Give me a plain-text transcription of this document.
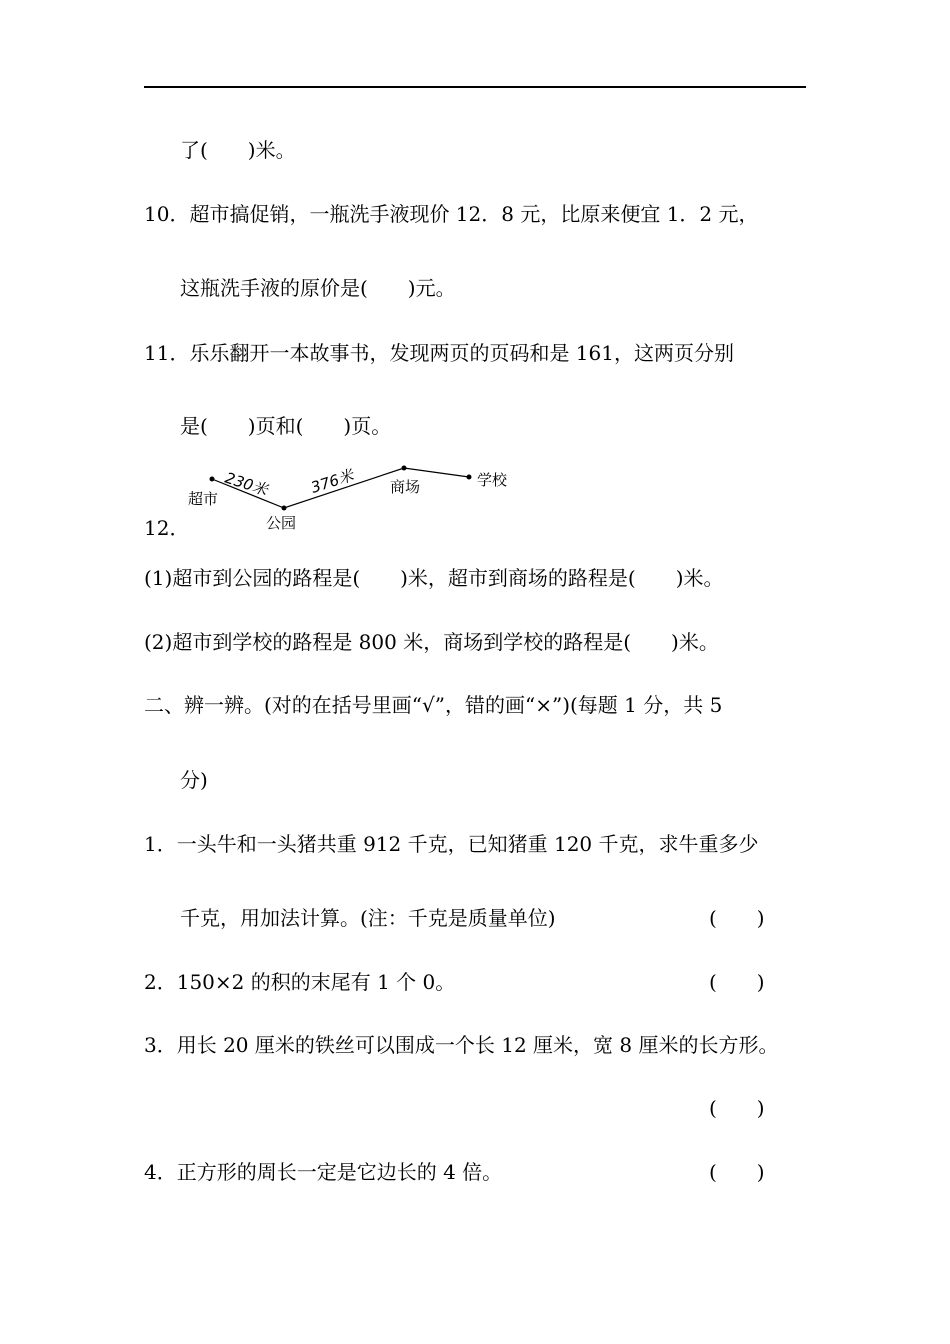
了(　　)米。
10．超市搞促销，一瓶洗手液现价 12．8 元，比原来便宜 1．2 元，
这瓶洗手液的原价是(　　)元。
11．乐乐翻开一本故事书，发现两页的页码和是 161，这两页分别
是(　　)页和(　　)页。
超市
公园
商场	学校
230米	376米
12．
(1)超市到公园的路程是(　　)米，超市到商场的路程是(　　)米。
(2)超市到学校的路程是 800 米，商场到学校的路程是(　　)米。
二、辨一辨。(对的在括号里画“√”，错的画“×”)(每题 1 分，共 5
分)
1．一头牛和一头猪共重 912 千克，已知猪重 120 千克，求牛重多少
千克，用加法计算。(注：千克是质量单位)	(　　)
2．150×2 的积的末尾有 1 个 0。	(　　)
3．用长 20 厘米的铁丝可以围成一个长 12 厘米，宽 8 厘米的长方形。
(　　)
4．正方形的周长一定是它边长的 4 倍。	(　　)
